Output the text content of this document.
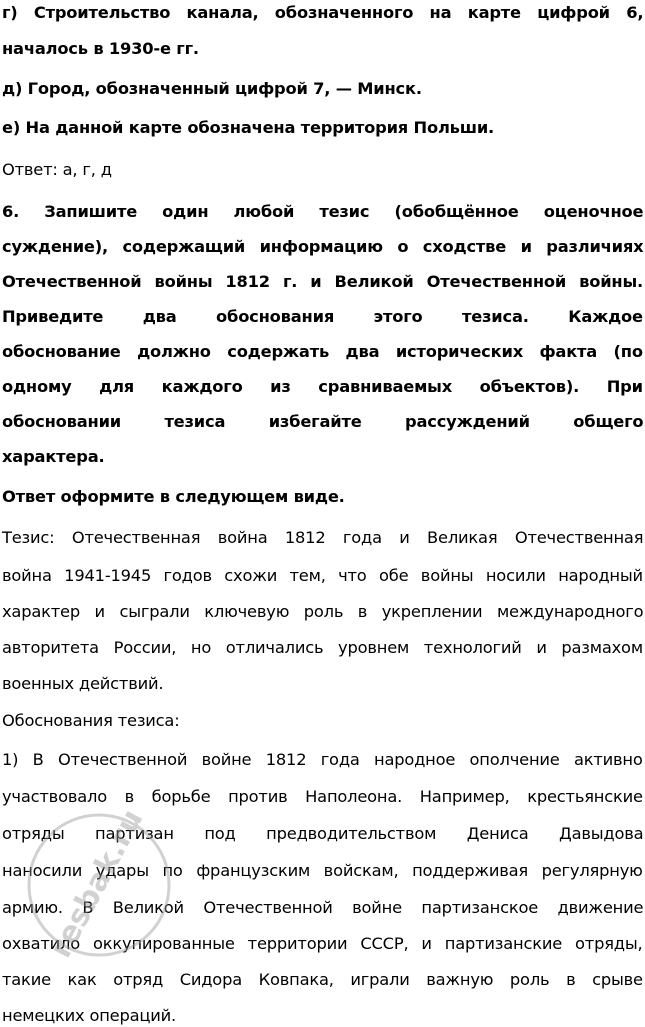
г) Строительство канала, обозначенного на карте цифрой 6,
началось в 1930-е гг.
д) Город, обозначенный цифрой 7, — Минск.
е) На данной карте обозначена территория Польши.
Ответ: а, г, д
6. Запишите один любой тезис (обобщённое оценочное
суждение), содержащий информацию о сходстве и различиях
Отечественной войны 1812 г. и Великой Отечественной войны.
Приведите два обоснования этого тезиса. Каждое
обоснование должно содержать два исторических факта (по
одному для каждого из сравниваемых объектов). При
обосновании тезиса избегайте рассуждений общего
характера.
Ответ оформите в следующем виде.
Тезис: Отечественная война 1812 года и Великая Отечественная
война 1941-1945 годов схожи тем, что обе войны носили народный
характер и сыграли ключевую роль в укреплении международного
авторитета России, но отличались уровнем технологий и размахом
военных действий.
Обоснования тезиса:
1) В Отечественной войне 1812 года народное ополчение активно
участвовало в борьбе против Наполеона. Например, крестьянские
отряды партизан под предводительством Дениса Давыдова
наносили удары по французским войскам, поддерживая регулярную
армию. В Великой Отечественной войне партизанское движение
охватило оккупированные территории СССР, и партизанские отряды,
такие как отряд Сидора Ковпака, играли важную роль в срыве
немецких операций.
resbak.ru
